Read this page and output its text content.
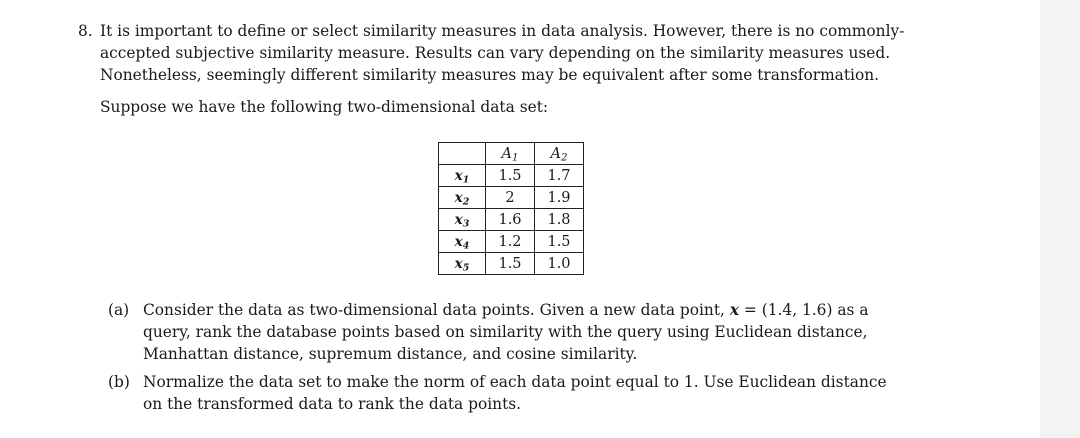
8. It is important to define or select similarity measures in data analysis. However, there is no commonly-
accepted subjective similarity measure. Results can vary depending on the similarity measures used.
Nonetheless, seemingly different similarity measures may be equivalent after some transformation.
Suppose we have the following two-dimensional data set:
	$A_1$	$A_2$
$x_1$	1.5	1.7
$x_2$	2	1.9
$x_3$	1.6	1.8
$x_4$	1.2	1.5
$x_5$	1.5	1.0
(a) Consider the data as two-dimensional data points. Given a new data point, x = (1.4, 1.6) as a
query, rank the database points based on similarity with the query using Euclidean distance,
Manhattan distance, supremum distance, and cosine similarity.
(b) Normalize the data set to make the norm of each data point equal to 1. Use Euclidean distance
on the transformed data to rank the data points.
